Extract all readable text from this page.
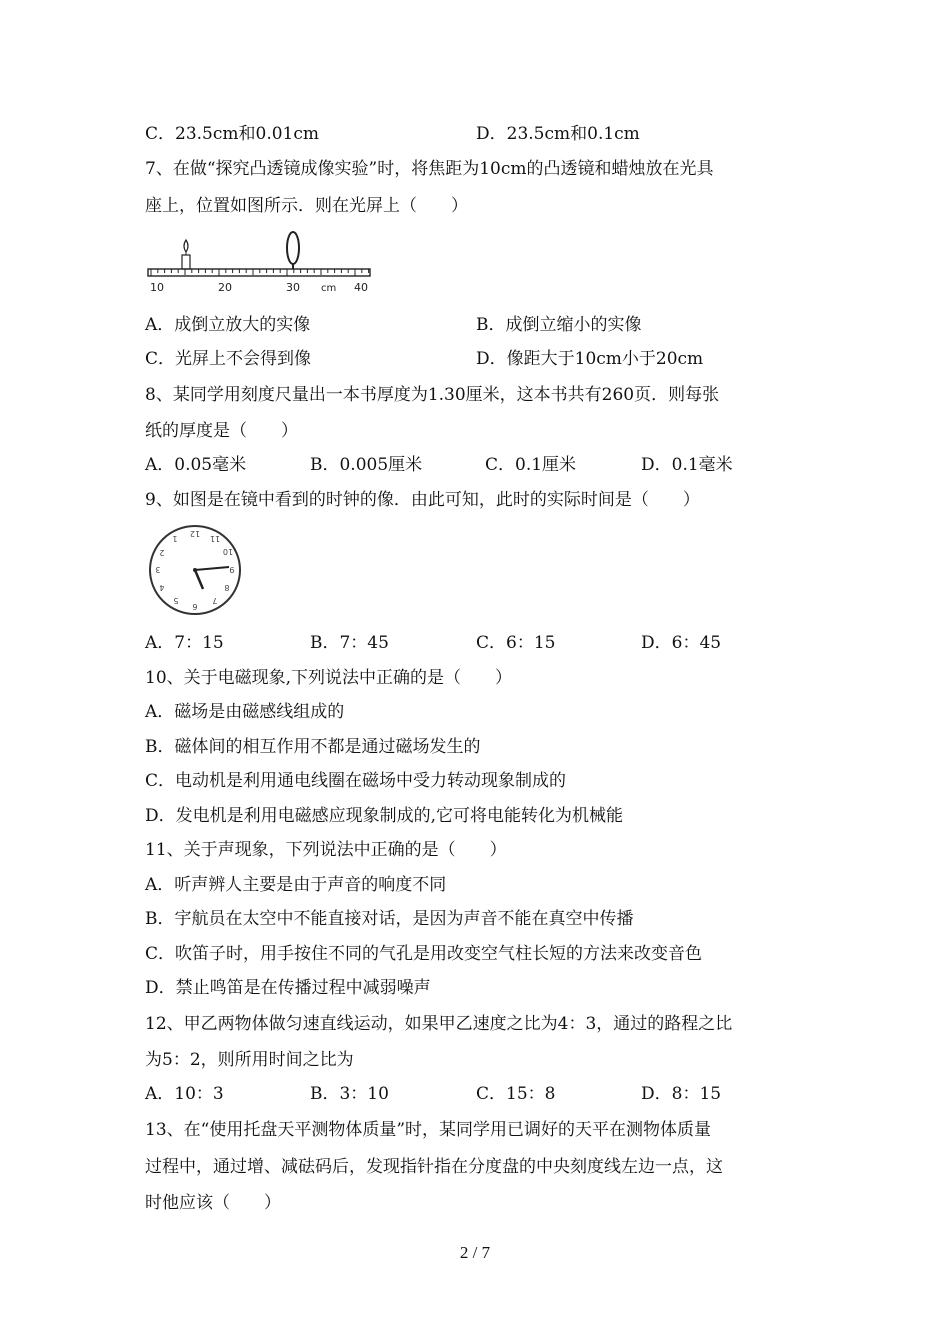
C．23.5cm和0.01cm	D．23.5cm和0.1cm
7、在做“探究凸透镜成像实验”时，将焦距为10cm的凸透镜和蜡烛放在光具
座上，位置如图所示．则在光屏上（　　）
10	20	30 cm 40
A．成倒立放大的实像	B．成倒立缩小的实像
C．光屏上不会得到像	D．像距大于10cm小于20cm
8、某同学用刻度尺量出一本书厚度为1.30厘米，这本书共有260页．则每张
纸的厚度是（　　）
A．0.05毫米	B．0.005厘米	C．0.1厘米	D．0.1毫米
9、如图是在镜中看到的时钟的像．由此可知，此时的实际时间是（　　）
12
1	11
10
2
9
3
8
4
7
5
6
A．7：15	B．7：45	C．6：15	D．6：45
10、关于电磁现象,下列说法中正确的是（　　）
A．磁场是由磁感线组成的
B．磁体间的相互作用不都是通过磁场发生的
C．电动机是利用通电线圈在磁场中受力转动现象制成的
D．发电机是利用电磁感应现象制成的,它可将电能转化为机械能
11、关于声现象，下列说法中正确的是（　　）
A．听声辨人主要是由于声音的响度不同
B．宇航员在太空中不能直接对话，是因为声音不能在真空中传播
C．吹笛子时，用手按住不同的气孔是用改变空气柱长短的方法来改变音色
D．禁止鸣笛是在传播过程中减弱噪声
12、甲乙两物体做匀速直线运动，如果甲乙速度之比为4：3，通过的路程之比
为5：2，则所用时间之比为
A．10：3	B．3：10	C．15：8	D．8：15
13、在“使用托盘天平测物体质量”时，某同学用已调好的天平在测物体质量
过程中，通过增、减砝码后，发现指针指在分度盘的中央刻度线左边一点，这
时他应该（　　）
2 / 7
